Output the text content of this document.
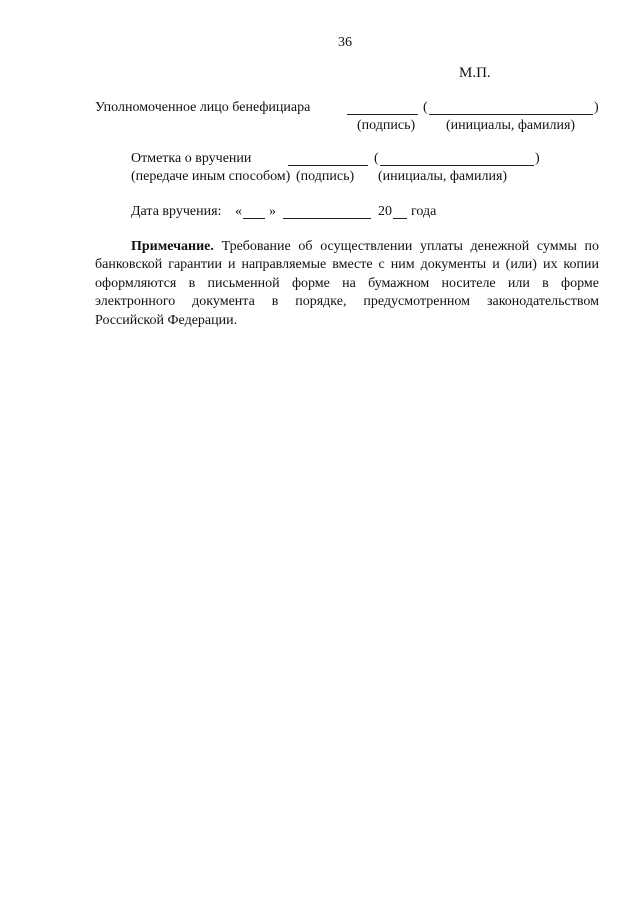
36
М.П.
Уполномоченное лицо бенефициара	(	)
(подпись) (инициалы, фамилия)
Отметка о вручении	(	)
(передаче иным способом) (подпись) (инициалы, фамилия)
Дата вручения: « »	20 года
Примечание. Требование об осуществлении уплаты денежной суммы по банковской гарантии и направляемые вместе с ним документы и (или) их копии оформляются в письменной форме на бумажном носителе или в форме электронного документа в порядке, предусмотренном законодательством Российской Федерации.
